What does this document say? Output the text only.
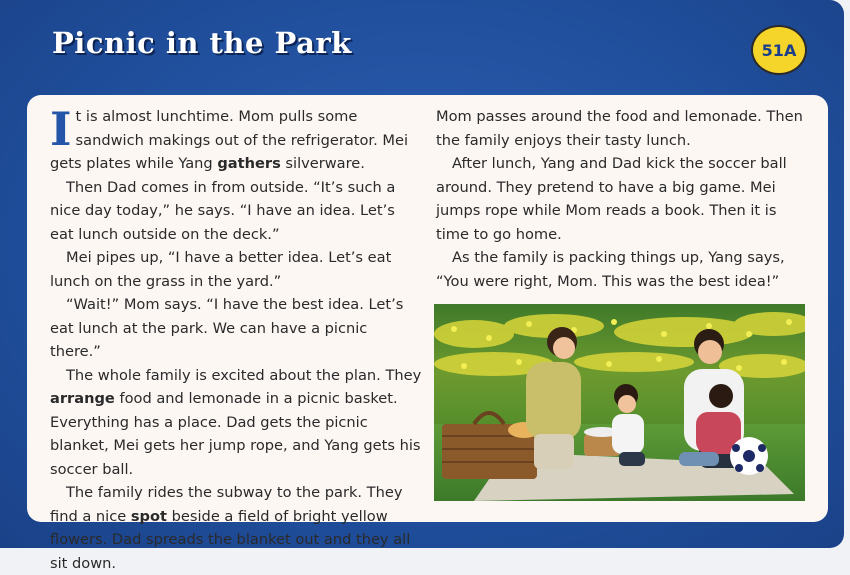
Picnic in the Park	51A

It is almost lunchtime. Mom pulls some sandwich makings out of the refrigerator. Mei gets plates while Yang gathers silverware.

Then Dad comes in from outside. “It’s such a nice day today,” he says. “I have an idea. Let’s eat lunch outside on the deck.”

Mei pipes up, “I have a better idea. Let’s eat lunch on the grass in the yard.”

“Wait!” Mom says. “I have the best idea. Let’s eat lunch at the park. We can have a picnic there.”

The whole family is excited about the plan. They arrange food and lemonade in a picnic basket. Everything has a place. Dad gets the picnic blanket, Mei gets her jump rope, and Yang gets his soccer ball.

The family rides the subway to the park. They find a nice spot beside a field of bright yellow flowers. Dad spreads the blanket out and they all sit down.

Mom passes around the food and lemonade. Then the family enjoys their tasty lunch.

After lunch, Yang and Dad kick the soccer ball around. They pretend to have a big game. Mei jumps rope while Mom reads a book. Then it is time to go home.

As the family is packing things up, Yang says, “You were right, Mom. This was the best idea!”
